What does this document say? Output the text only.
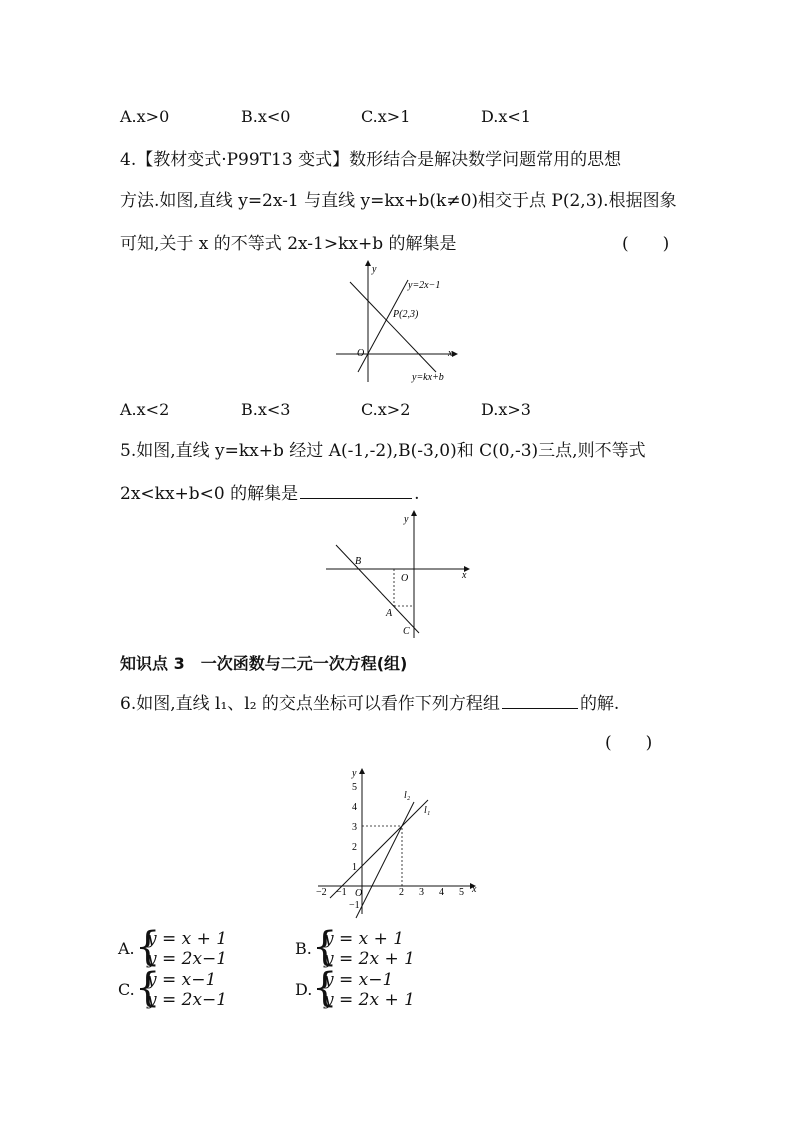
A.x>0	B.x<0	C.x>1	D.x<1
4.【教材变式·P99T13 变式】数形结合是解决数学问题常用的思想
方法.如图,直线 y=2x-1 与直线 y=kx+b(k≠0)相交于点 P(2,3).根据图象
可知,关于 x 的不等式 2x-1>kx+b 的解集是	(　　)
y
x
O
y=2x−1
P(2,3)
y=kx+b
A.x<2	B.x<3	C.x>2	D.x>3
5.如图,直线 y=kx+b 经过 A(-1,-2),B(-3,0)和 C(0,-3)三点,则不等式
2x<kx+b<0 的解集是	.
y
x
O
B
A
C
知识点 3　一次函数与二元一次方程(组)
6.如图,直线 l₁、l₂ 的交点坐标可以看作下列方程组	的解.
(　　)
y
x
O
−2 −1	2 3 4 5
5
4
3
2
1
−1
l₁
l₂
A. {
y = x + 1
y = 2x−1
B. {
y = x + 1
y = 2x + 1
C. {
y = x−1
y = 2x−1
D. {
y = x−1
y = 2x + 1
